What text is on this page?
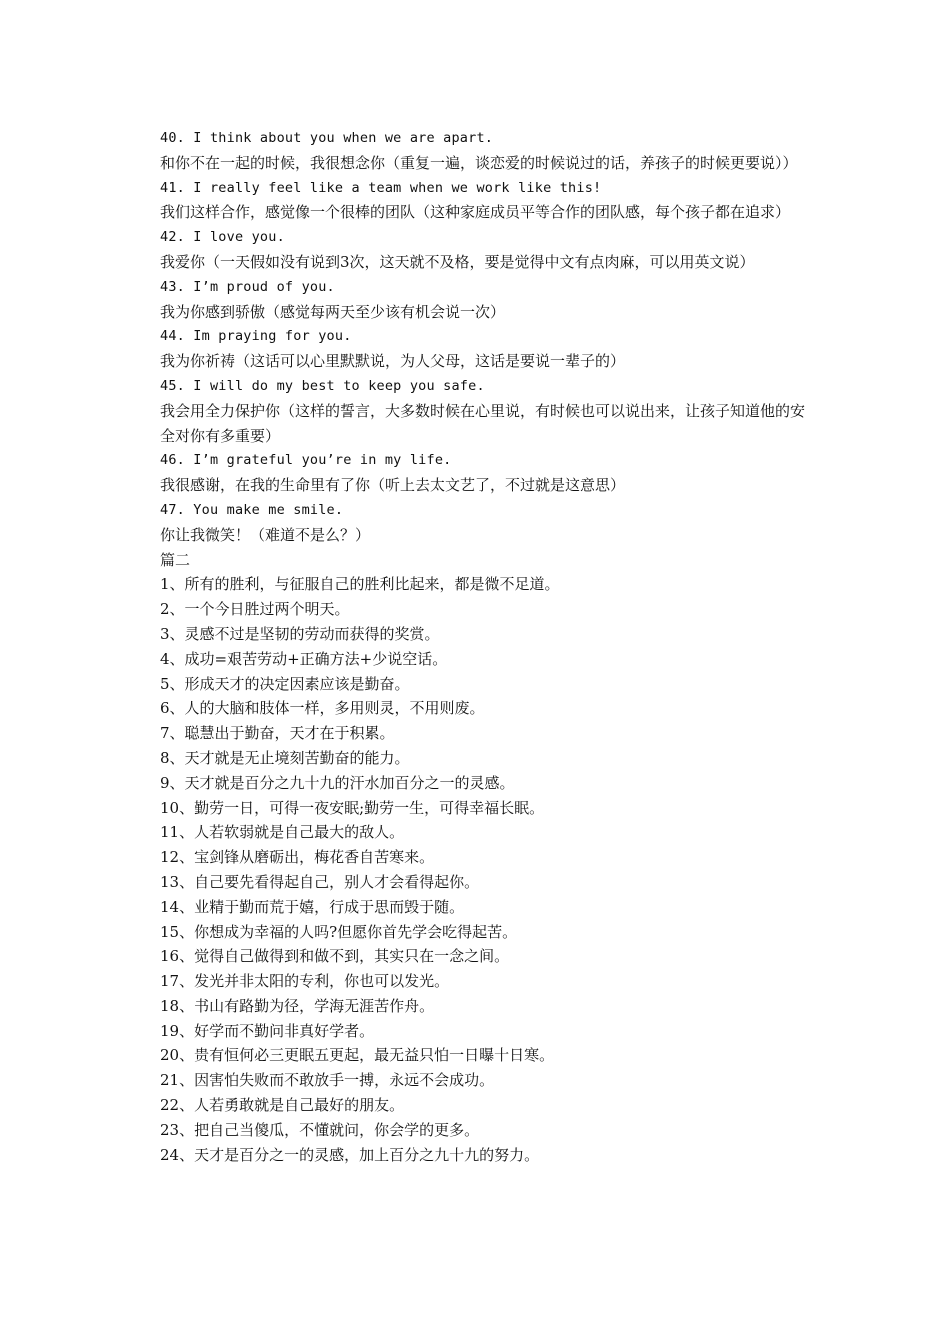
40. I think about you when we are apart.
和你不在一起的时候，我很想念你（重复一遍，谈恋爱的时候说过的话，养孩子的时候更要说））
41. I really feel like a team when we work like this!
我们这样合作，感觉像一个很棒的团队（这种家庭成员平等合作的团队感，每个孩子都在追求）
42. I love you.
我爱你（一天假如没有说到3次，这天就不及格，要是觉得中文有点肉麻，可以用英文说）
43. I’m proud of you.
我为你感到骄傲（感觉每两天至少该有机会说一次）
44. Im praying for you.
我为你祈祷（这话可以心里默默说，为人父母，这话是要说一辈子的）
45. I will do my best to keep you safe.
我会用全力保护你（这样的誓言，大多数时候在心里说，有时候也可以说出来，让孩子知道他的安全对你有多重要）
46. I’m grateful you’re in my life.
我很感谢，在我的生命里有了你（听上去太文艺了，不过就是这意思）
47. You make me smile.
你让我微笑！（难道不是么？）
篇二
1、所有的胜利，与征服自己的胜利比起来，都是微不足道。
2、一个今日胜过两个明天。
3、灵感不过是坚韧的劳动而获得的奖赏。
4、成功=艰苦劳动+正确方法+少说空话。
5、形成天才的决定因素应该是勤奋。
6、人的大脑和肢体一样，多用则灵，不用则废。
7、聪慧出于勤奋，天才在于积累。
8、天才就是无止境刻苦勤奋的能力。
9、天才就是百分之九十九的汗水加百分之一的灵感。
10、勤劳一日，可得一夜安眠;勤劳一生，可得幸福长眠。
11、人若软弱就是自己最大的敌人。
12、宝剑锋从磨砺出，梅花香自苦寒来。
13、自己要先看得起自己，别人才会看得起你。
14、业精于勤而荒于嬉，行成于思而毁于随。
15、你想成为幸福的人吗?但愿你首先学会吃得起苦。
16、觉得自己做得到和做不到，其实只在一念之间。
17、发光并非太阳的专利，你也可以发光。
18、书山有路勤为径，学海无涯苦作舟。
19、好学而不勤问非真好学者。
20、贵有恒何必三更眠五更起，最无益只怕一日曝十日寒。
21、因害怕失败而不敢放手一搏，永远不会成功。
22、人若勇敢就是自己最好的朋友。
23、把自己当傻瓜，不懂就问，你会学的更多。
24、天才是百分之一的灵感，加上百分之九十九的努力。
